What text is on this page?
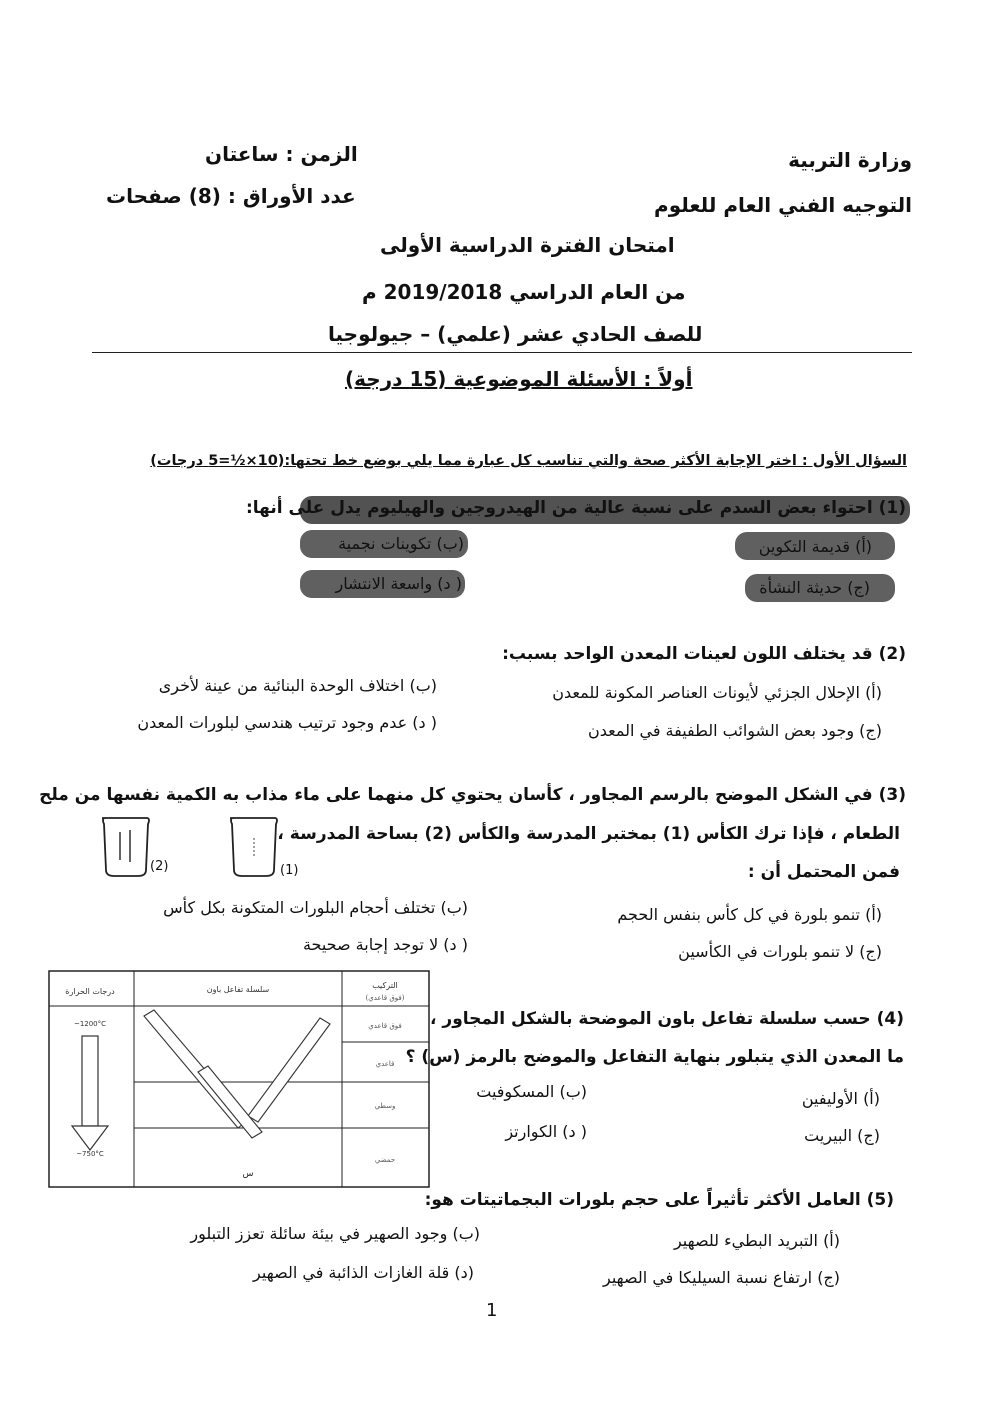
وزارة التربية
التوجيه الفني العام للعلوم
الزمن : ساعتان
عدد الأوراق : (8) صفحات
امتحان الفترة الدراسية الأولى
من العام الدراسي 2019/2018 م
للصف الحادي عشر (علمي) – جيولوجيا
أولاً : الأسئلة الموضوعية (15 درجة)
السؤال الأول : اختر الإجابة الأكثر صحة والتي تناسب كل عبارة مما يلي بوضع خط تحتها:(10×½=5 درجات)
(1) احتواء بعض السدم على نسبة عالية من الهيدروجين والهيليوم يدل على أنها:
(أ) قديمة التكوين
(ب) تكوينات نجمية
(ج) حديثة النشأة
( د) واسعة الانتشار
(2) قد يختلف اللون لعينات المعدن الواحد بسبب:
(أ) الإحلال الجزئي لأيونات العناصر المكونة للمعدن
(ب) اختلاف الوحدة البنائية من عينة لأخرى
(ج) وجود بعض الشوائب الطفيفة في المعدن
( د) عدم وجود ترتيب هندسي لبلورات المعدن
(3) في الشكل الموضح بالرسم المجاور ، كأسان يحتوي كل منهما على ماء مذاب به الكمية نفسها من ملح
الطعام ، فإذا ترك الكأس (1) بمختبر المدرسة والكأس (2) بساحة المدرسة ،
فمن المحتمل أن :
(2)	(1)
(أ) تنمو بلورة في كل كأس بنفس الحجم
(ب) تختلف أحجام البلورات المتكونة بكل كأس
(ج) لا تنمو بلورات في الكأسين
( د) لا توجد إجابة صحيحة
درجات الحرارة	سلسلة تفاعل باون	التركيب
(فوق قاعدي)
فوق قاعدي
قاعدي
وسطي
حمضي
~1200°C
~750°C
س
(4) حسب سلسلة تفاعل باون الموضحة بالشكل المجاور ،
ما المعدن الذي يتبلور بنهاية التفاعل والموضح بالرمز (س) ؟
(أ) الأوليفين
(ب) المسكوفيت
(ج) البيريت
( د) الكوارتز
(5) العامل الأكثر تأثيراً على حجم بلورات البجماتيتات هو:
(أ) التبريد البطيء للصهير
(ب) وجود الصهير في بيئة سائلة تعزز التبلور
(ج) ارتفاع نسبة السيليكا في الصهير
(د) قلة الغازات الذائبة في الصهير
1
